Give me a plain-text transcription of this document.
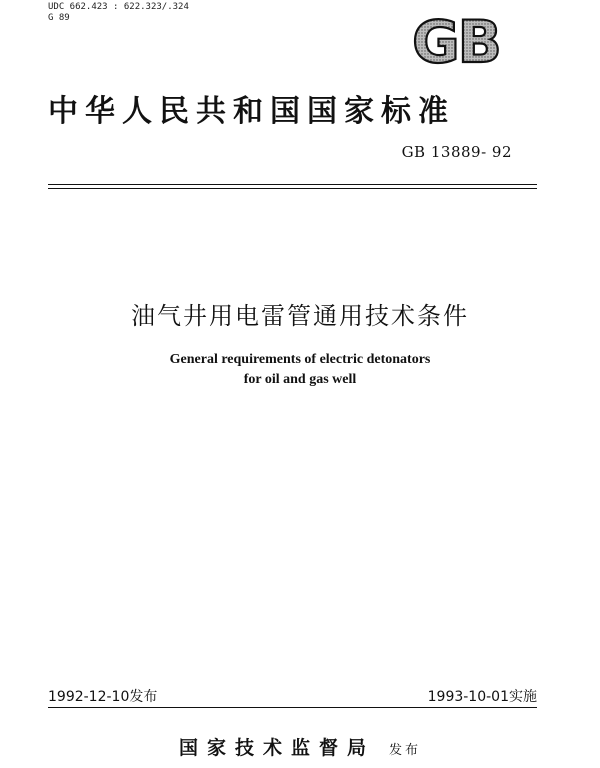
UDC 662.423 : 622.323/.324
G 89	GB
中华人民共和国国家标准
GB 13889- 92
油气井用电雷管通用技术条件
General requirements of electric detonators
for oil and gas well
1992-12-10发布	1993-10-01实施
国家技术监督局 发布
